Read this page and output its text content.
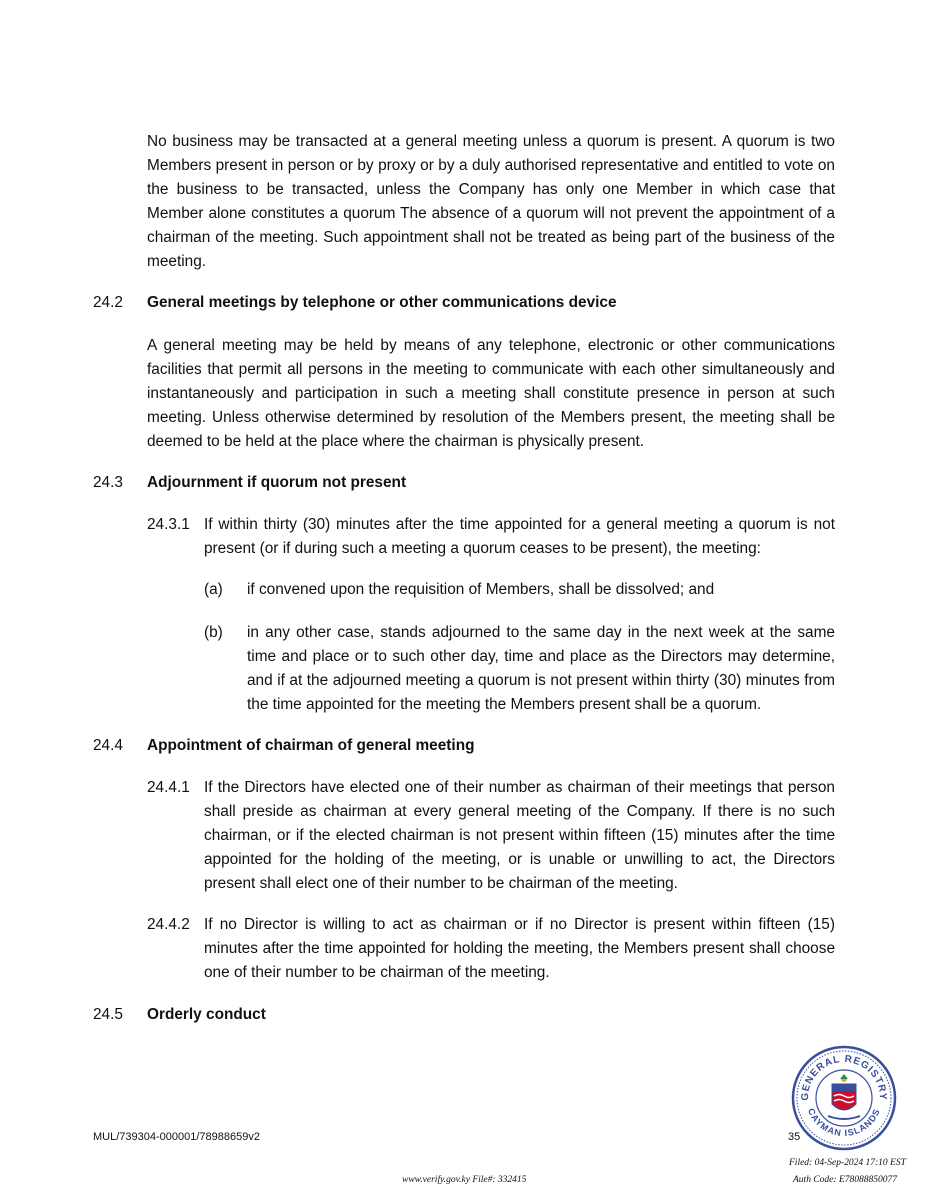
No business may be transacted at a general meeting unless a quorum is present. A quorum is two Members present in person or by proxy or by a duly authorised representative and entitled to vote on the business to be transacted, unless the Company has only one Member in which case that Member alone constitutes a quorum The absence of a quorum will not prevent the appointment of a chairman of the meeting. Such appointment shall not be treated as being part of the business of the meeting.

24.2 General meetings by telephone or other communications device

A general meeting may be held by means of any telephone, electronic or other communications facilities that permit all persons in the meeting to communicate with each other simultaneously and instantaneously and participation in such a meeting shall constitute presence in person at such meeting. Unless otherwise determined by resolution of the Members present, the meeting shall be deemed to be held at the place where the chairman is physically present.

24.3 Adjournment if quorum not present
24.3.1 If within thirty (30) minutes after the time appointed for a general meeting a quorum is not present (or if during such a meeting a quorum ceases to be present), the meeting:

(a) if convened upon the requisition of Members, shall be dissolved; and

(b) in any other case, stands adjourned to the same day in the next week at the same time and place or to such other day, time and place as the Directors may determine, and if at the adjourned meeting a quorum is not present within thirty (30) minutes from the time appointed for the meeting the Members present shall be a quorum.

24.4 Appointment of chairman of general meeting
24.4.1 If the Directors have elected one of their number as chairman of their meetings that person shall preside as chairman at every general meeting of the Company. If there is no such chairman, or if the elected chairman is not present within fifteen (15) minutes after the time appointed for the holding of the meeting, or is unable or unwilling to act, the Directors present shall elect one of their number to be chairman of the meeting.

24.4.2 If no Director is willing to act as chairman or if no Director is present within fifteen (15) minutes after the time appointed for holding the meeting, the Members present shall choose one of their number to be chairman of the meeting.

24.5 Orderly conduct
MUL/739304-000001/78988659v2	35
www.verify.gov.ky File#: 332415
Filed: 04-Sep-2024 17:10 EST
Auth Code: E78088850077
GENERAL REGISTRY
CAYMAN ISLANDS
